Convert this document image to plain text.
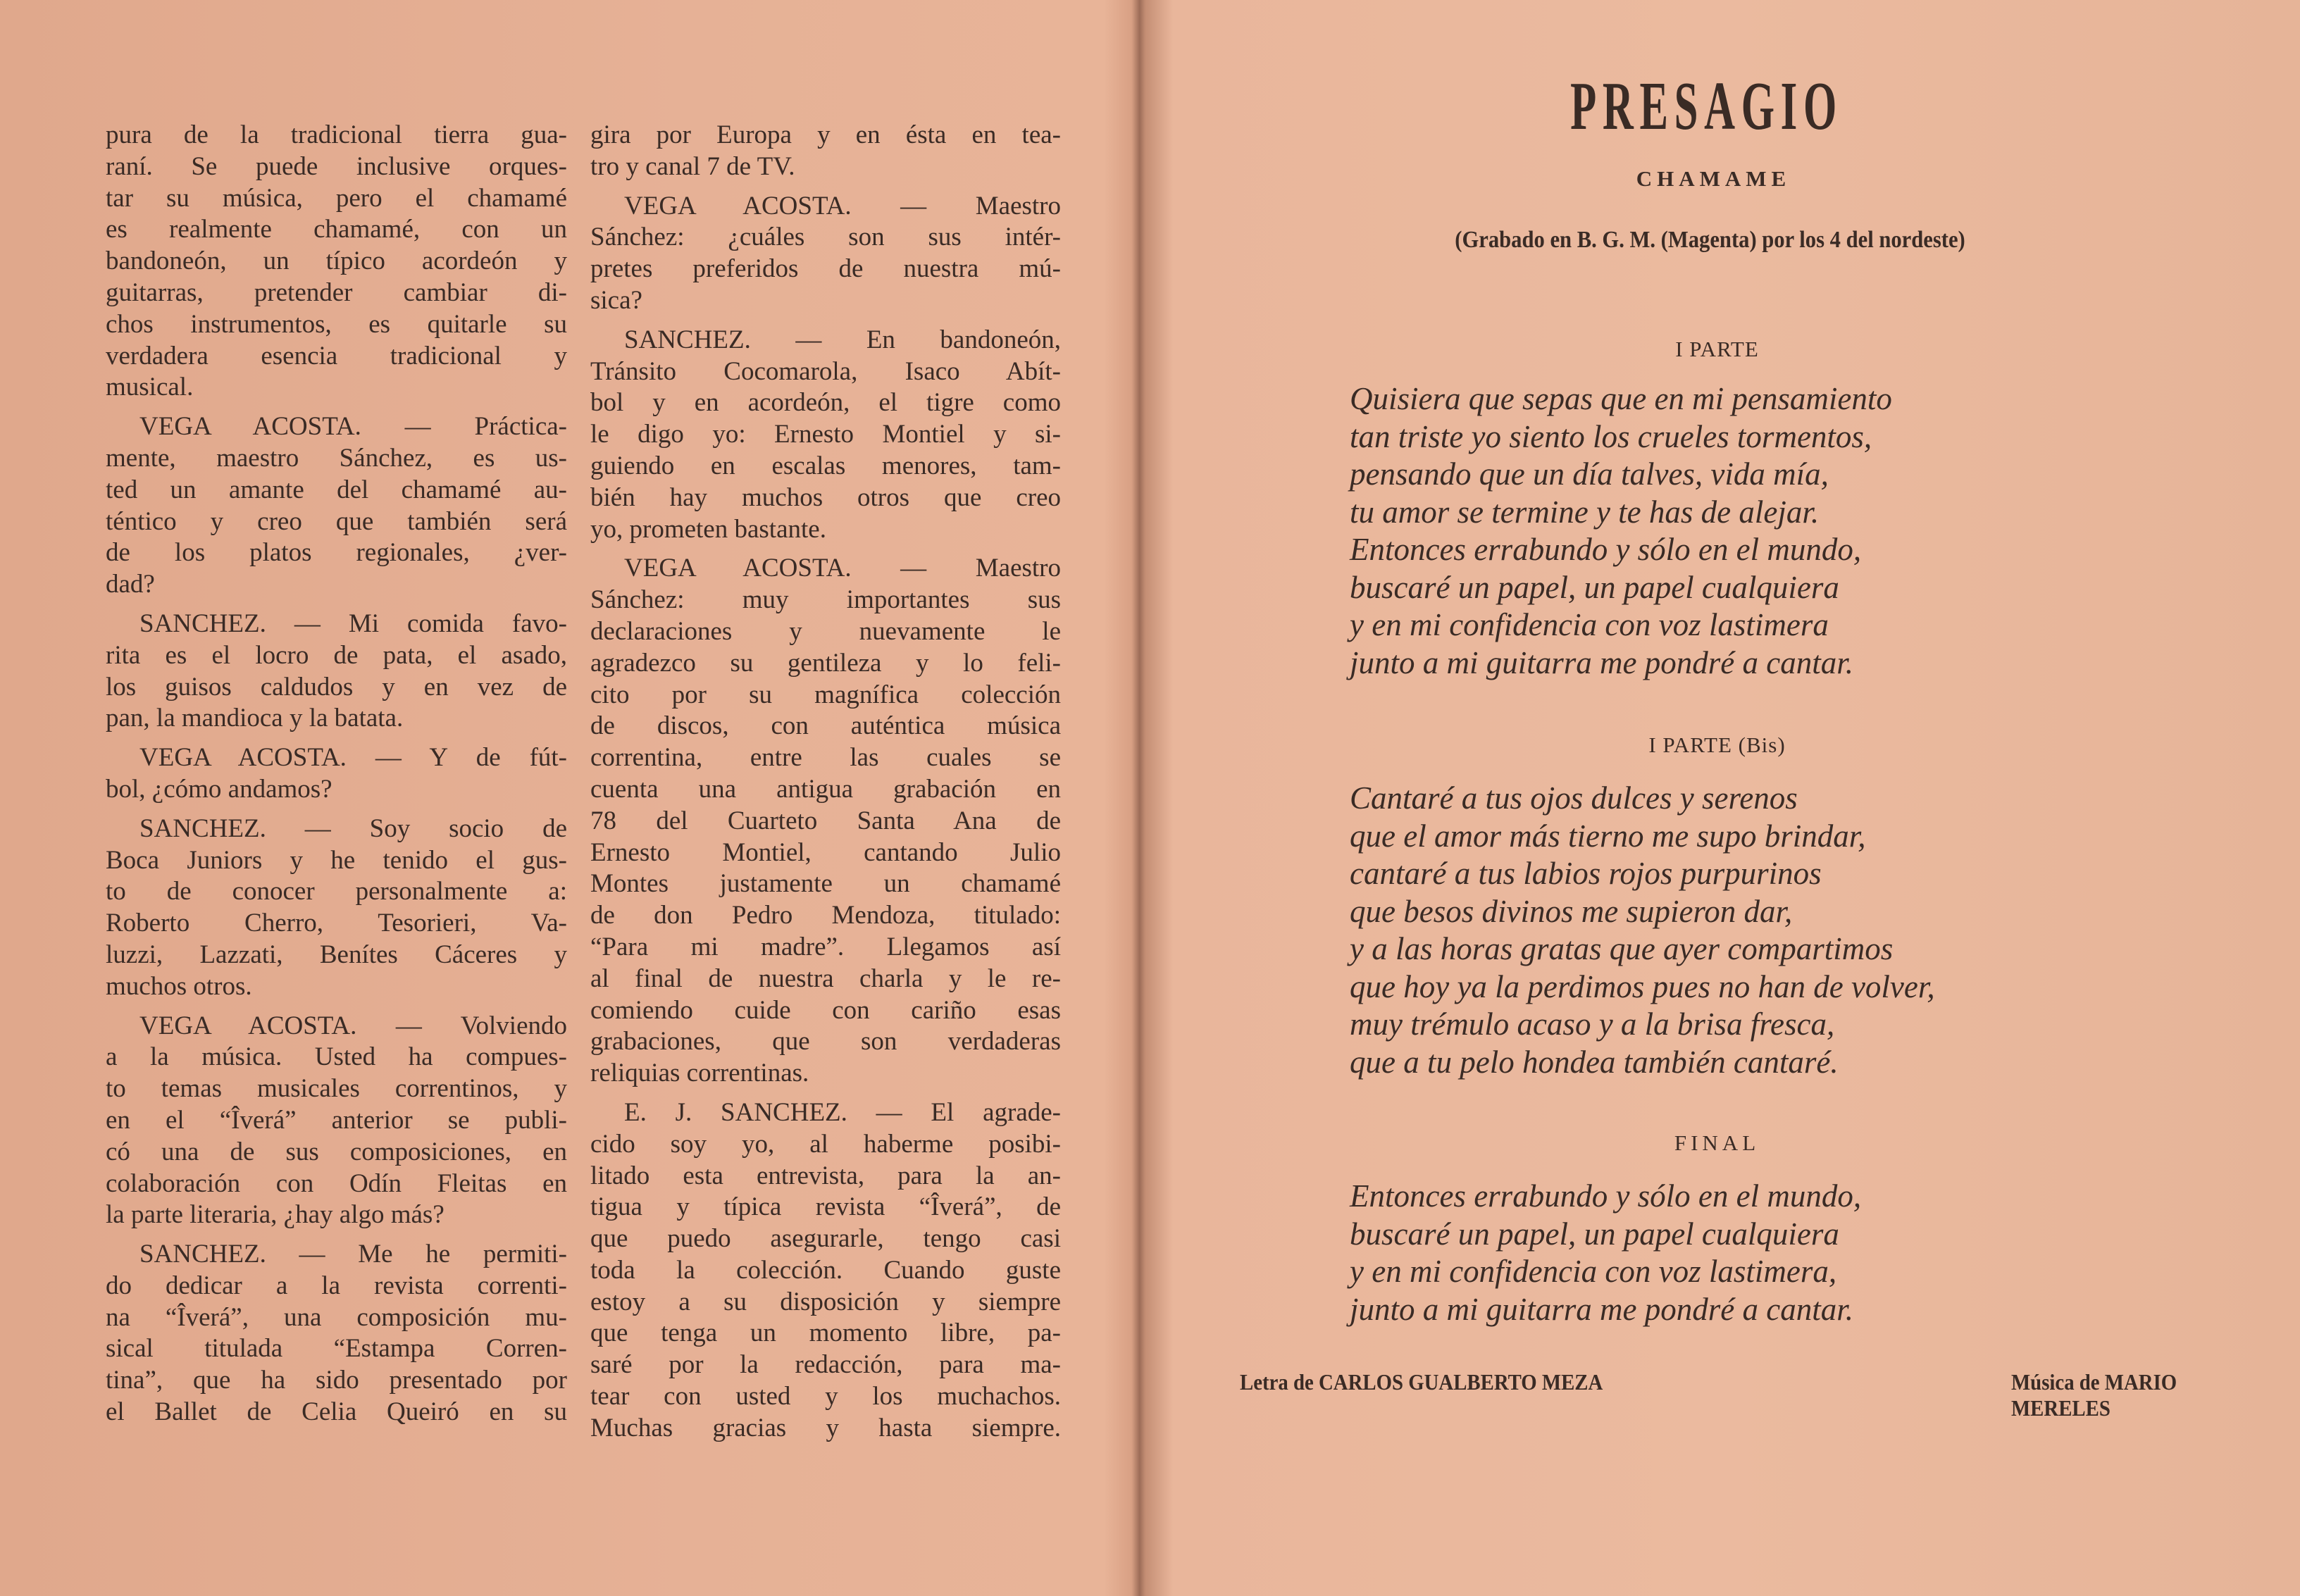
pura de la tradicional tierra gua-
raní. Se puede inclusive orques-
tar su música, pero el chamamé
es realmente chamamé, con un
bandoneón, un típico acordeón y
guitarras, pretender cambiar di-
chos instrumentos, es quitarle su
verdadera esencia tradicional y
musical.
VEGA ACOSTA. — Práctica-
mente, maestro Sánchez, es us-
ted un amante del chamamé au-
téntico y creo que también será
de los platos regionales, ¿ver-
dad?
SANCHEZ. — Mi comida favo-
rita es el locro de pata, el asado,
los guisos caldudos y en vez de
pan, la mandioca y la batata.
VEGA ACOSTA. — Y de fút-
bol, ¿cómo andamos?
SANCHEZ. — Soy socio de
Boca Juniors y he tenido el gus-
to de conocer personalmente a:
Roberto Cherro, Tesorieri, Va-
luzzi, Lazzati, Benítes Cáceres y
muchos otros.
VEGA ACOSTA. — Volviendo
a la música. Usted ha compues-
to temas musicales correntinos, y
en el “Îverá” anterior se publi-
có una de sus composiciones, en
colaboración con Odín Fleitas en
la parte literaria, ¿hay algo más?
SANCHEZ. — Me he permiti-
do dedicar a la revista correnti-
na “Îverá”, una composición mu-
sical titulada “Estampa Corren-
tina”, que ha sido presentado por
el Ballet de Celia Queiró en su
gira por Europa y en ésta en tea-
tro y canal 7 de TV.
VEGA ACOSTA. — Maestro
Sánchez: ¿cuáles son sus intér-
pretes preferidos de nuestra mú-
sica?
SANCHEZ. — En bandoneón,
Tránsito Cocomarola, Isaco Abít-
bol y en acordeón, el tigre como
le digo yo: Ernesto Montiel y si-
guiendo en escalas menores, tam-
bién hay muchos otros que creo
yo, prometen bastante.
VEGA ACOSTA. — Maestro
Sánchez: muy importantes sus
declaraciones y nuevamente le
agradezco su gentileza y lo feli-
cito por su magnífica colección
de discos, con auténtica música
correntina, entre las cuales se
cuenta una antigua grabación en
78 del Cuarteto Santa Ana de
Ernesto Montiel, cantando Julio
Montes justamente un chamamé
de don Pedro Mendoza, titulado:
“Para mi madre”. Llegamos así
al final de nuestra charla y le re-
comiendo cuide con cariño esas
grabaciones, que son verdaderas
reliquias correntinas.
E. J. SANCHEZ. — El agrade-
cido soy yo, al haberme posibi-
litado esta entrevista, para la an-
tigua y típica revista “Îverá”, de
que puedo asegurarle, tengo casi
toda la colección. Cuando guste
estoy a su disposición y siempre
que tenga un momento libre, pa-
saré por la redacción, para ma-
tear con usted y los muchachos.
Muchas gracias y hasta siempre.
PRESAGIO
CHAMAME
(Grabado en B. G. M. (Magenta) por los 4 del nordeste)
I PARTE
Quisiera que sepas que en mi pensamiento
tan triste yo siento los crueles tormentos,
pensando que un día talves, vida mía,
tu amor se termine y te has de alejar.
Entonces errabundo y sólo en el mundo,
buscaré un papel, un papel cualquiera
y en mi confidencia con voz lastimera
junto a mi guitarra me pondré a cantar.
I PARTE (Bis)
Cantaré a tus ojos dulces y serenos
que el amor más tierno me supo brindar,
cantaré a tus labios rojos purpurinos
que besos divinos me supieron dar,
y a las horas gratas que ayer compartimos
que hoy ya la perdimos pues no han de volver,
muy trémulo acaso y a la brisa fresca,
que a tu pelo hondea también cantaré.
FINAL
Entonces errabundo y sólo en el mundo,
buscaré un papel, un papel cualquiera
y en mi confidencia con voz lastimera,
junto a mi guitarra me pondré a cantar.
Letra de CARLOS GUALBERTO MEZA	Música de MARIO MERELES
